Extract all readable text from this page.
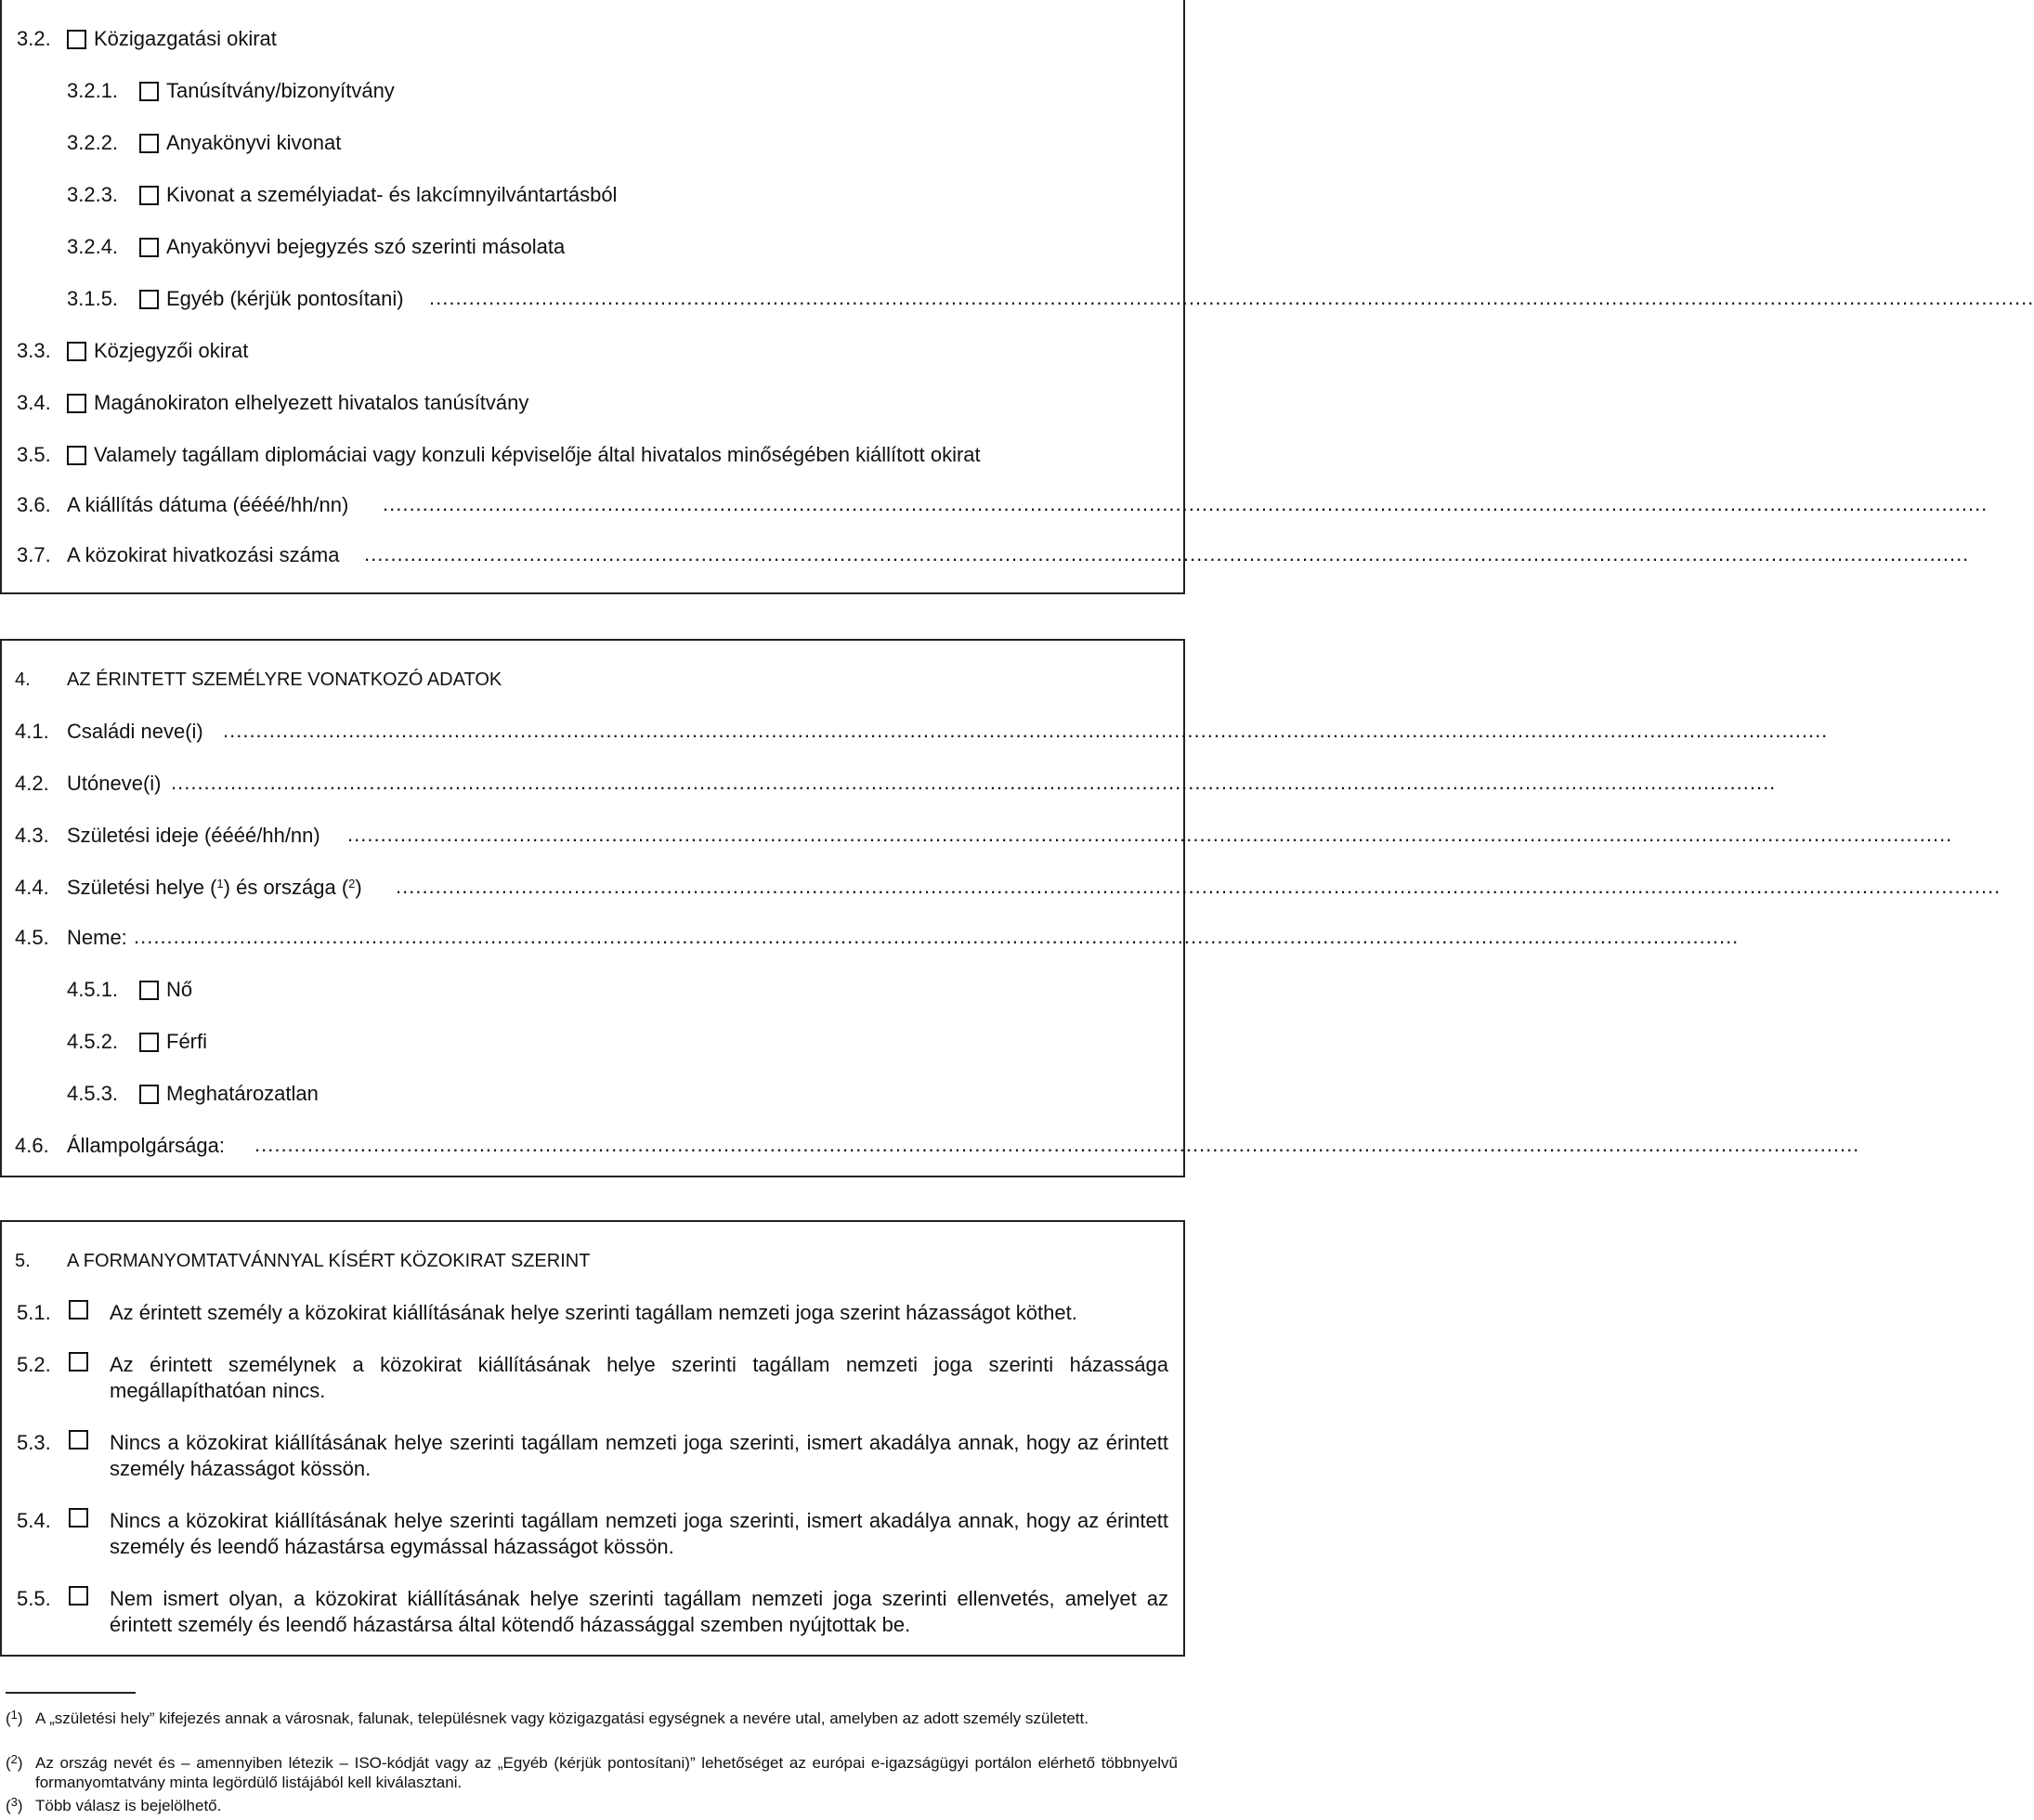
3.2.	Közigazgatási okirat
3.2.1.	Tanúsítvány/bizonyítvány
3.2.2.	Anyakönyvi kivonat
3.2.3.	Kivonat a személyiadat- és lakcímnyilvántartásból
3.2.4.	Anyakönyvi bejegyzés szó szerinti másolata
3.1.5.	Egyéb (kérjük pontosítani) ...................................................................................................................................................................................................................................................
3.3.	Közjegyzői okirat
3.4.	Magánokiraton elhelyezett hivatalos tanúsítvány
3.5.	Valamely tagállam diplomáciai vagy konzuli képviselője által hivatalos minőségében kiállított okirat
3.6. A kiállítás dátuma (éééé/hh/nn) ...................................................................................................................................................................................................................................................
3.7. A közokirat hivatkozási száma ...................................................................................................................................................................................................................................................
4.	AZ ÉRINTETT SZEMÉLYRE VONATKOZÓ ADATOK
4.1. Családi neve(i) ...................................................................................................................................................................................................................................................
4.2. Utóneve(i) ...................................................................................................................................................................................................................................................
4.3. Születési ideje (éééé/hh/nn) ...................................................................................................................................................................................................................................................
4.4. Születési helye ($^1$) és országa ($^2$) ...................................................................................................................................................................................................................................................
4.5. Neme: ...................................................................................................................................................................................................................................................
4.5.1.	Nő
4.5.2.	Férfi
4.5.3.	Meghatározatlan
4.6. Állampolgársága: ...................................................................................................................................................................................................................................................
5.	A FORMANYOMTATVÁNNYAL KÍSÉRT KÖZOKIRAT SZERINT
5.1.	Az érintett személy a közokirat kiállításának helye szerinti tagállam nemzeti joga szerint házasságot köthet.
5.2.	Az érintett személynek a közokirat kiállításának helye szerinti tagállam nemzeti joga szerinti házassága megállapíthatóan nincs.
5.3.	Nincs a közokirat kiállításának helye szerinti tagállam nemzeti joga szerinti, ismert akadálya annak, hogy az érintett személy házasságot kössön.
5.4.	Nincs a közokirat kiállításának helye szerinti tagállam nemzeti joga szerinti, ismert akadálya annak, hogy az érintett személy és leendő házastársa egymással házasságot kössön.
5.5.	Nem ismert olyan, a közokirat kiállításának helye szerinti tagállam nemzeti joga szerinti ellenvetés, amelyet az érintett személy és leendő házastársa által kötendő házassággal szemben nyújtottak be.
($^1$) A „születési hely” kifejezés annak a városnak, falunak, településnek vagy közigazgatási egységnek a nevére utal, amelyben az adott személy született.
($^2$) Az ország nevét és – amennyiben létezik – ISO-kódját vagy az „Egyéb (kérjük pontosítani)” lehetőséget az európai e-igazságügyi portálon elérhető többnyelvű formanyomtatvány minta legördülő listájából kell kiválasztani.
($^3$) Több válasz is bejelölhető.
